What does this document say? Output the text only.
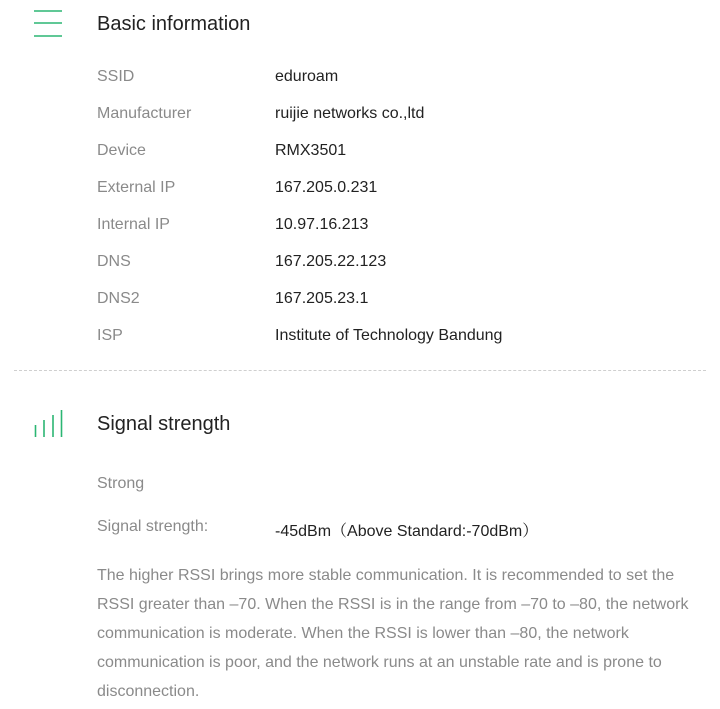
Basic information
SSID	eduroam
Manufacturer	ruijie networks co.,ltd
Device	RMX3501
External IP	167.205.0.231
Internal IP	10.97.16.213
DNS	167.205.22.123
DNS2	167.205.23.1
ISP	Institute of Technology Bandung
Signal strength
Strong
Signal strength:	-45dBm（Above Standard:-70dBm）
The higher RSSI brings more stable communication. It is recommended to set the RSSI greater than –70. When the RSSI is in the range from –70 to –80, the network communication is moderate. When the RSSI is lower than –80, the network communication is poor, and the network runs at an unstable rate and is prone to disconnection.
